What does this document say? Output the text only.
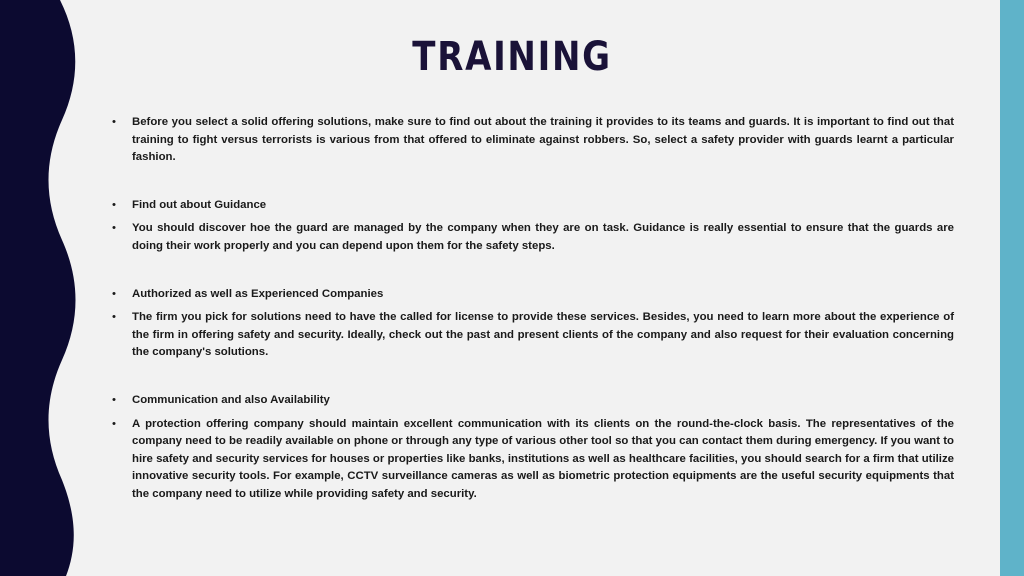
TRAINING
•	Before you select a solid offering solutions, make sure to find out about the training it provides to its teams and guards. It is important to find out that training to fight versus terrorists is various from that offered to eliminate against robbers. So, select a safety provider with guards learnt a particular fashion.
•	Find out about Guidance
•	You should discover hoe the guard are managed by the company when they are on task. Guidance is really essential to ensure that the guards are doing their work properly and you can depend upon them for the safety steps.
•	Authorized as well as Experienced Companies
•	The firm you pick for solutions need to have the called for license to provide these services. Besides, you need to learn more about the experience of the firm in offering safety and security. Ideally, check out the past and present clients of the company and also request for their evaluation concerning the company's solutions.
•	Communication and also Availability
•	A protection offering company should maintain excellent communication with its clients on the round-the-clock basis. The representatives of the company need to be readily available on phone or through any type of various other tool so that you can contact them during emergency. If you want to hire safety and security services for houses or properties like banks, institutions as well as healthcare facilities, you should search for a firm that utilize innovative security tools. For example, CCTV surveillance cameras as well as biometric protection equipments are the useful security equipments that the company need to utilize while providing safety and security.
